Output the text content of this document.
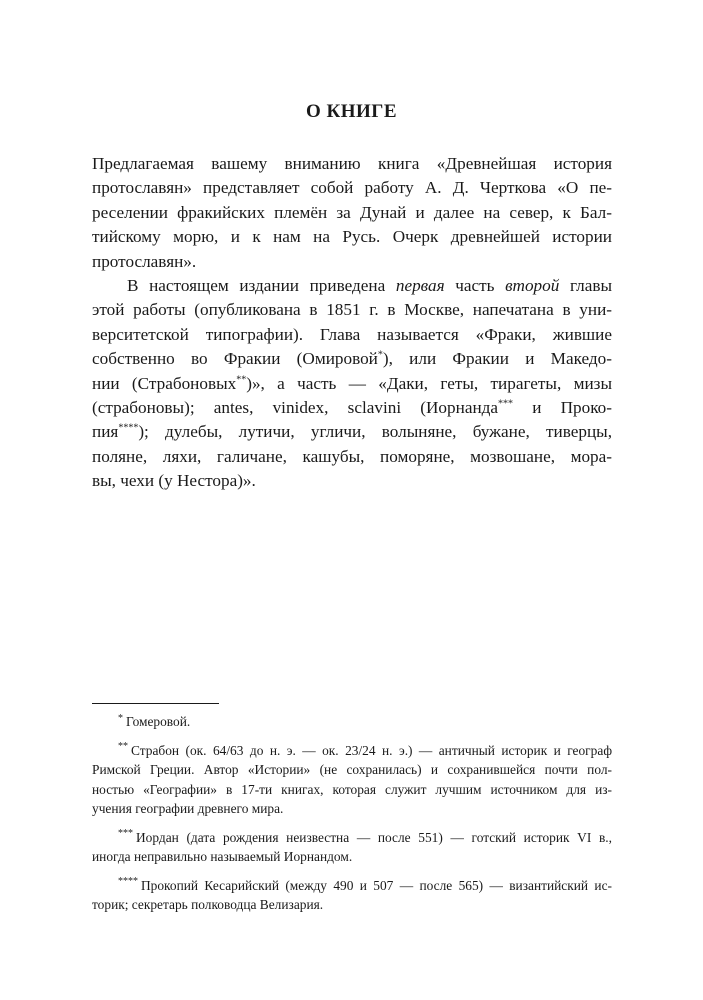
О КНИГЕ
Предлагаемая вашему вниманию книга «Древнейшая история
протославян» представляет собой работу А. Д. Черткова «О пе-
реселении фракийских племён за Дунай и далее на север, к Бал-
тийскому морю, и к нам на Русь. Очерк древнейшей истории
протославян».
В настоящем издании приведена первая часть второй главы
этой работы (опубликована в 1851 г. в Москве, напечатана в уни-
верситетской типографии). Глава называется «Фраки, жившие
собственно во Фракии (Омировой*), или Фракии и Македо-
нии (Страбоновых**)», а часть — «Даки, геты, тирагеты, мизы
(страбоновы); antes, vinidex, sclavini (Иорнанда*** и Проко-
пия****); дулебы, лутичи, угличи, волыняне, бужане, тиверцы,
поляне, ляхи, галичане, кашубы, поморяне, мозвошане, мора-
вы, чехи (у Нестора)».
* Гомеровой.
** Страбон (ок. 64/63 до н. э. — ок. 23/24 н. э.) — античный историк и географ
Римской Греции. Автор «Истории» (не сохранилась) и сохранившейся почти пол-
ностью «Географии» в 17-ти книгах, которая служит лучшим источником для из-
учения географии древнего мира.
*** Иордан (дата рождения неизвестна — после 551) — готский историк VI в.,
иногда неправильно называемый Иорнандом.
**** Прокопий Кесарийский (между 490 и 507 — после 565) — византийский ис-
торик; секретарь полководца Велизария.
